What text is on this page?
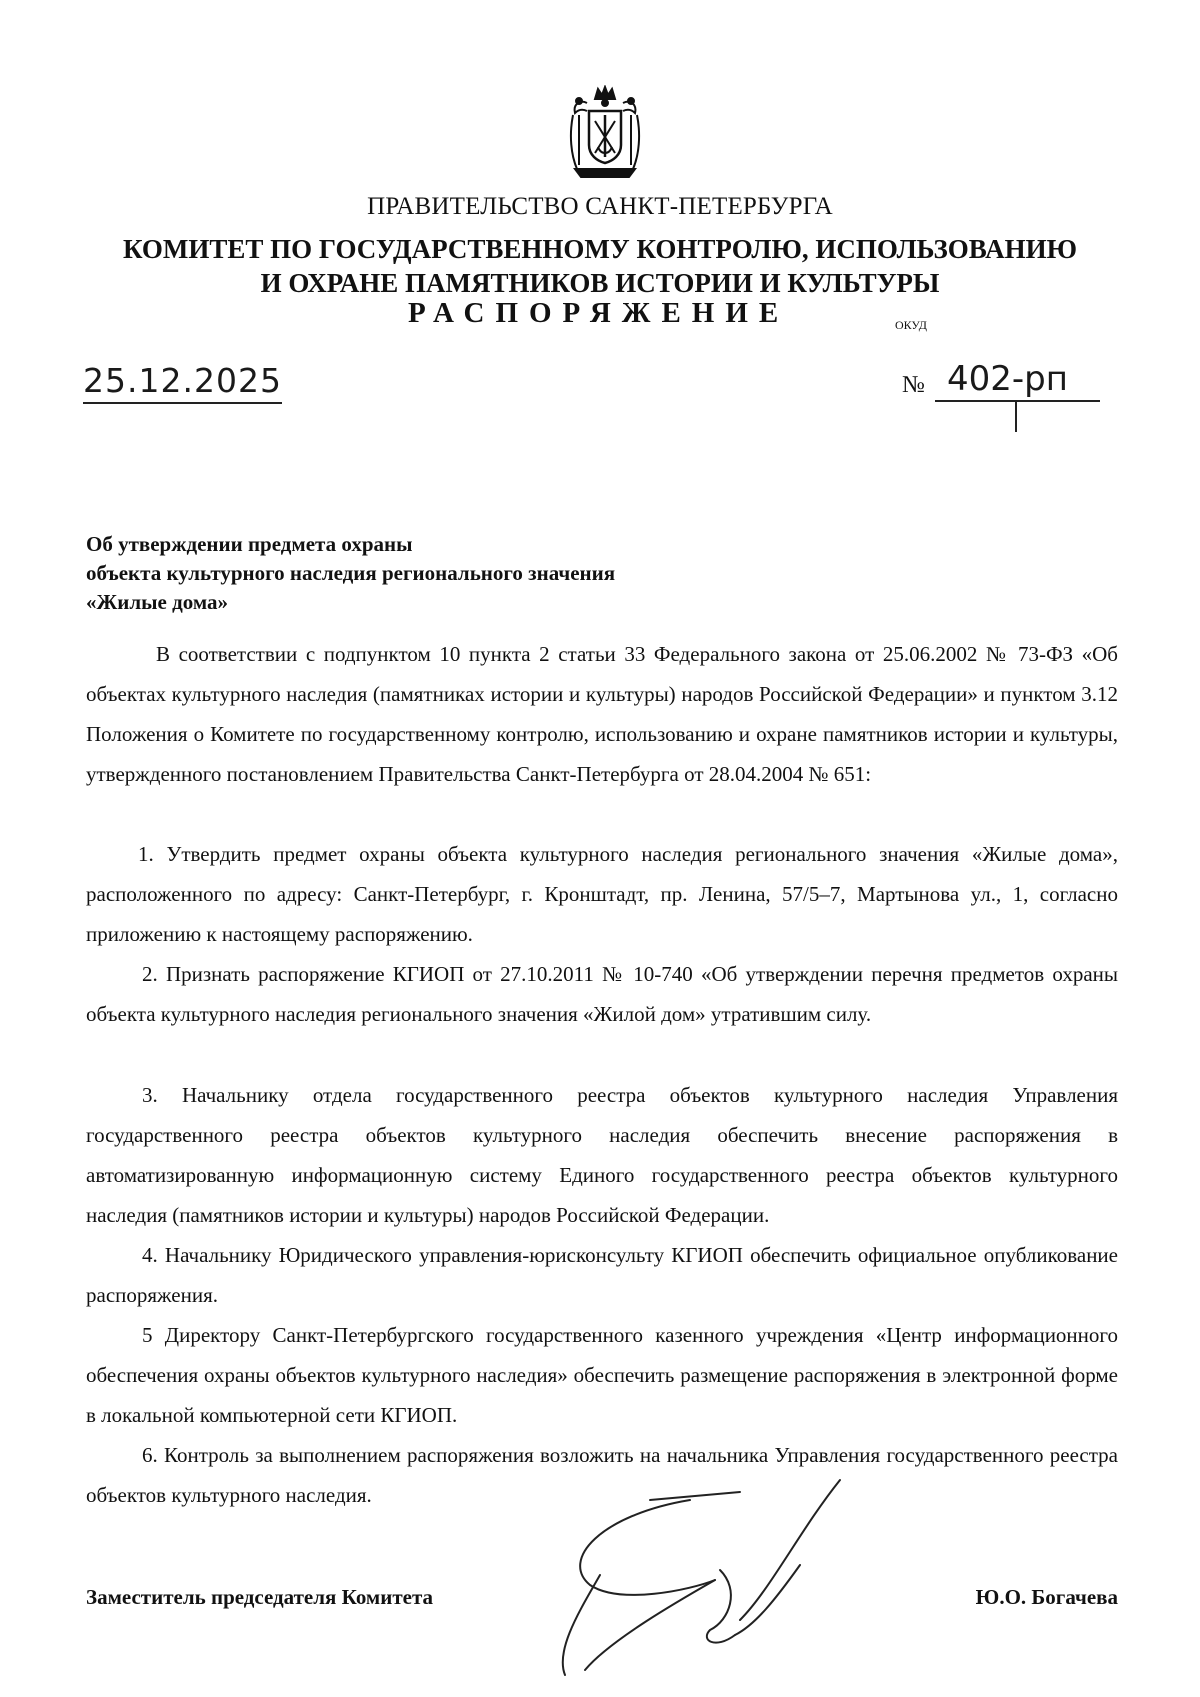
ПРАВИТЕЛЬСТВО САНКТ-ПЕТЕРБУРГА
КОМИТЕТ ПО ГОСУДАРСТВЕННОМУ КОНТРОЛЮ, ИСПОЛЬЗОВАНИЮ
И ОХРАНЕ ПАМЯТНИКОВ ИСТОРИИ И КУЛЬТУРЫ
РАСПОРЯЖЕНИЕ	ОКУД
25.12.2025	№ 402-рп
Об утверждении предмета охраны
объекта культурного наследия регионального значения
«Жилые дома»

В соответствии с подпунктом 10 пункта 2 статьи 33 Федерального закона от 25.06.2002 № 73-ФЗ «Об объектах культурного наследия (памятниках истории и культуры) народов Российской Федерации» и пунктом 3.12 Положения о Комитете по государственному контролю, использованию и охране памятников истории и культуры, утвержденного постановлением Правительства Санкт-Петербурга от 28.04.2004 № 651:

1. Утвердить предмет охраны объекта культурного наследия регионального значения «Жилые дома», расположенного по адресу: Санкт-Петербург, г. Кронштадт, пр. Ленина, 57/5–7, Мартынова ул., 1, согласно приложению к настоящему распоряжению.

2. Признать распоряжение КГИОП от 27.10.2011 № 10-740 «Об утверждении перечня предметов охраны объекта культурного наследия регионального значения «Жилой дом» утратившим силу.

3. Начальнику отдела государственного реестра объектов культурного наследия Управления государственного реестра объектов культурного наследия обеспечить внесение распоряжения в автоматизированную информационную систему Единого государственного реестра объектов культурного наследия (памятников истории и культуры) народов Российской Федерации.

4. Начальнику Юридического управления-юрисконсульту КГИОП обеспечить официальное опубликование распоряжения.

5 Директору Санкт-Петербургского государственного казенного учреждения «Центр информационного обеспечения охраны объектов культурного наследия» обеспечить размещение распоряжения в электронной форме в локальной компьютерной сети КГИОП.

6. Контроль за выполнением распоряжения возложить на начальника Управления государственного реестра объектов культурного наследия.

Заместитель председателя Комитета	Ю.О. Богачева
